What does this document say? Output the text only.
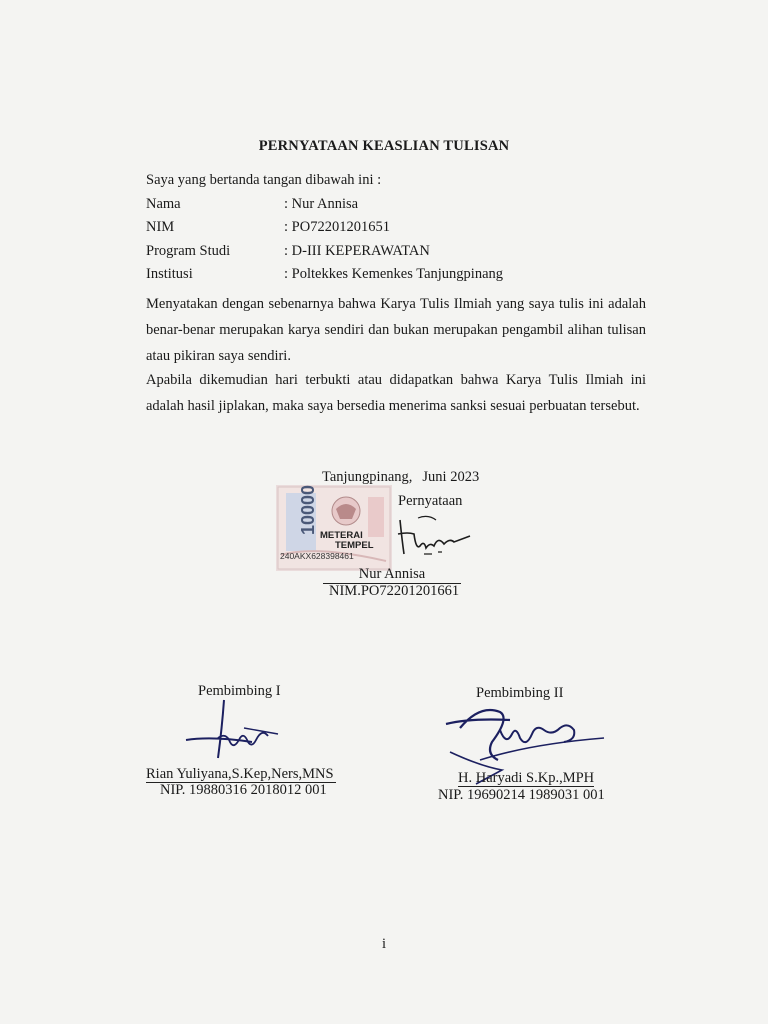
PERNYATAAN KEASLIAN TULISAN
Saya yang bertanda tangan dibawah ini :
Nama	: Nur Annisa
NIM	: PO72201201651
Program Studi	: D-III KEPERAWATAN
Institusi	: Poltekkes Kemenkes Tanjungpinang
Menyatakan dengan sebenarnya bahwa Karya Tulis Ilmiah yang saya tulis ini adalah benar-benar merupakan karya sendiri dan bukan merupakan pengambil alihan tulisan atau pikiran saya sendiri.
Apabila dikemudian hari terbukti atau didapatkan bahwa Karya Tulis Ilmiah ini adalah hasil jiplakan, maka saya bersedia menerima sanksi sesuai perbuatan tersebut.
Tanjungpinang, Juni 2023
10000
METERAI
TEMPEL
240AKX628398461
Pernyataan
Nur Annisa
NIM.PO72201201661
Pembimbing I	Pembimbing II
Rian Yuliyana,S.Kep,Ners,MNS
NIP. 19880316 2018012 001
H. Haryadi S.Kp.,MPH
NIP. 19690214 1989031 001
i
